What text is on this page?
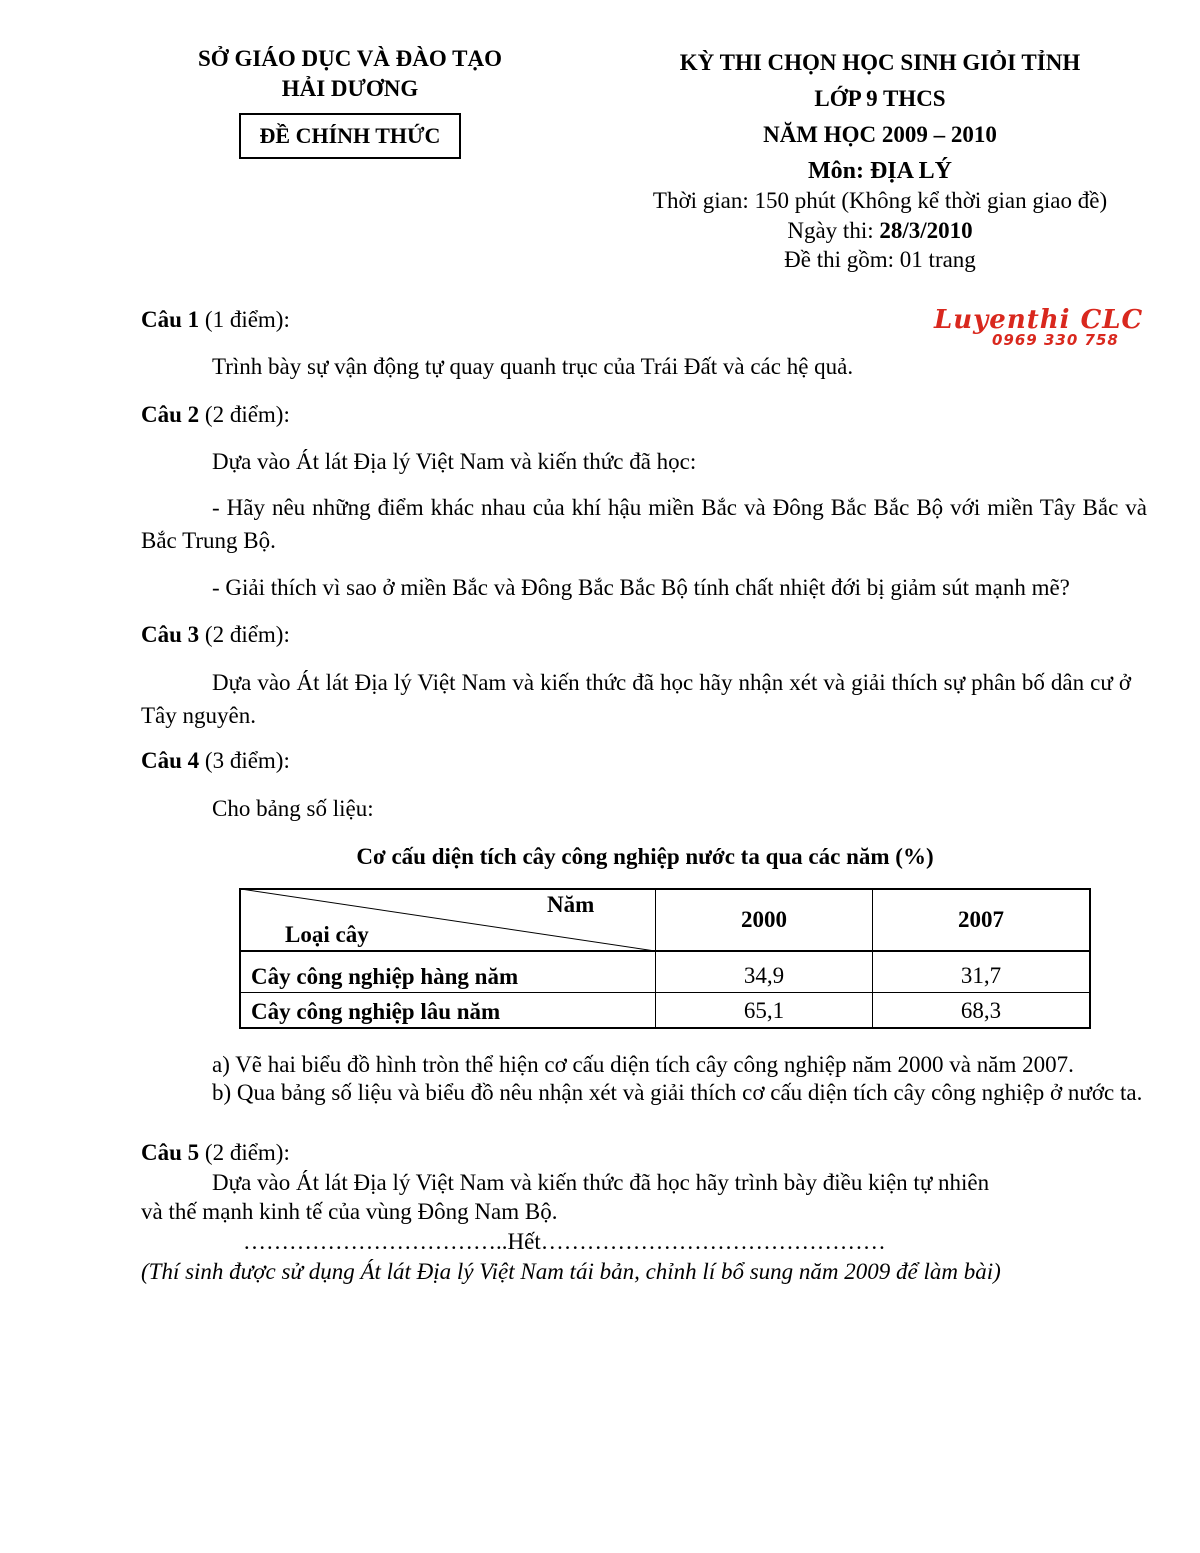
SỞ GIÁO DỤC VÀ ĐÀO TẠO
HẢI DƯƠNG
ĐỀ CHÍNH THỨC
KỲ THI CHỌN HỌC SINH GIỎI TỈNH
LỚP 9 THCS
NĂM HỌC 2009 – 2010
Môn: ĐỊA LÝ
Thời gian: 150 phút (Không kể thời gian giao đề)
Ngày thi: 28/3/2010
Đề thi gồm: 01 trang
Luyenthi CLC
0969 330 758
Câu 1 (1 điểm):
Trình bày sự vận động tự quay quanh trục của Trái Đất và các hệ quả.
Câu 2 (2 điểm):
Dựa vào Át lát Địa lý Việt Nam và kiến thức đã học:
- Hãy nêu những điểm khác nhau của khí hậu miền Bắc và Đông Bắc Bắc Bộ với miền Tây Bắc và Bắc Trung Bộ.
- Giải thích vì sao ở miền Bắc và Đông Bắc Bắc Bộ tính chất nhiệt đới bị giảm sút mạnh mẽ?
Câu 3 (2 điểm):
Dựa vào Át lát Địa lý Việt Nam và kiến thức đã học hãy nhận xét và giải thích sự phân bố dân cư ở Tây nguyên.
Câu 4 (3 điểm):
Cho bảng số liệu:
Cơ cấu diện tích cây công nghiệp nước ta qua các năm (%)
Năm
Loại cây
2000	2007
Cây công nghiệp hàng năm	34,9	31,7
Cây công nghiệp lâu năm	65,1	68,3
a) Vẽ hai biểu đồ hình tròn thể hiện cơ cấu diện tích cây công nghiệp năm 2000 và năm 2007.
b) Qua bảng số liệu và biểu đồ nêu nhận xét và giải thích cơ cấu diện tích cây công nghiệp ở nước ta.
Câu 5 (2 điểm):
Dựa vào Át lát Địa lý Việt Nam và kiến thức đã học hãy trình bày điều kiện tự nhiên
và thế mạnh kinh tế của vùng Đông Nam Bộ.
……………………………..Hết………………………………………
(Thí sinh được sử dụng Át lát Địa lý Việt Nam tái bản, chỉnh lí bổ sung năm 2009 để làm bài)
